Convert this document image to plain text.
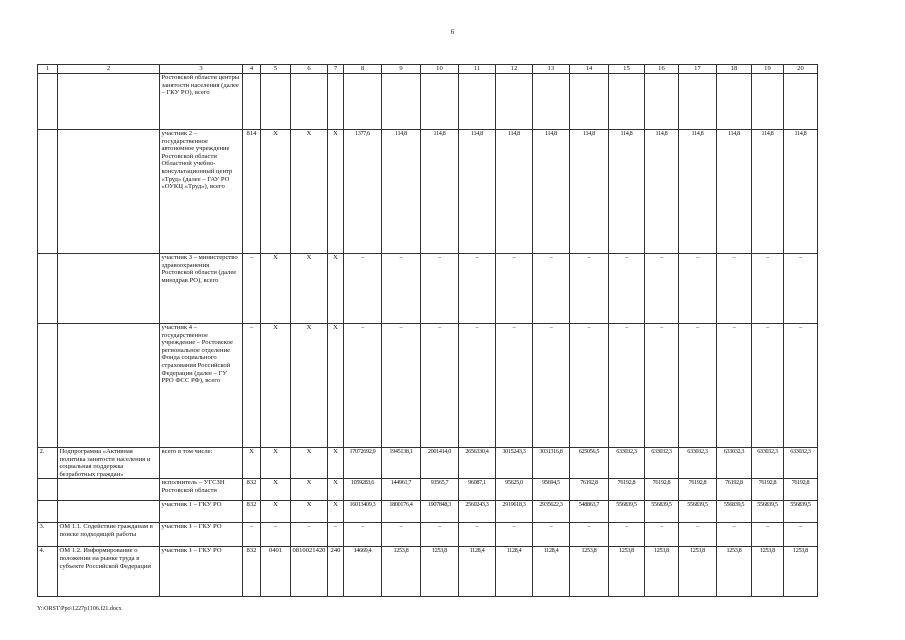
6
1	2	3	4	5	6	7	8	9	10	11	12	13	14	15	16	17	18	19	20
		Ростовской области центры занятости населения (далее – ГКУ РО), всего																	
		участник 2 – государственное автономное учреждение Ростовской области Областной учебно-консультационный центр «Труд» (далее – ГАУ РО «ОУКЦ «Труд»), всего	814	Х	Х	Х	1377,6	114,8	114,8	114,8	114,8	114,8	114,8	114,8	114,8	114,8	114,8	114,8	114,8
		участник 3 – министерство здравоохранения Ростовской области (далее минздрав РО), всего	–	Х	Х	Х	–	–	–	–	–	–	–	–	–	–	–	–	–
		участник 4 – государственное учреждение – Ростовское региональное отделение Фонда социального страхования Российской Федерации (далее – ГУ РРО ФСС РФ), всего	–	Х	Х	Х	–	–	–	–	–	–	–	–	–	–	–	–	–
2.	Подпрограмма «Активная политика занятости населения и социальная поддержка безработных граждан»	всего в том числе:	Х	Х	Х	Х	17072692,9	1945138,1	2001414,0	2656330,4	3015243,3	3031316,8	625056,5	633032,3	633032,3	633032,3	633032,3	633032,3	633032,3
		исполнитель – УГСЗН Ростовской области	832	Х	Х	Х	1059283,6	144961,7	93565,7	96087,1	95625,0	95694,5	76192,8	76192,8	76192,8	76192,8	76192,8	76192,8	76192,8
		участник 1 – ГКУ РО	832	Х	Х	Х	16013409,3	1800176,4	1907848,3	2560243,3	2919618,3	2935622,3	548863,7	556839,5	556839,5	556839,5	556839,5	556839,5	556839,5
3.	ОМ 1.1. Содействие гражданам в поиске подходящей работы	участник 1 – ГКУ РО	–	–	–	–	–	–	–	–	–	–	–	–	–	–	–	–	–
4.	ОМ 1.2. Информирование о положении на рынке труда в субъекте Российской Федерации	участник 1 – ГКУ РО	832	0401	0810021420	240	14669,4	1253,8	1253,8	1128,4	1128,4	1128,4	1253,8	1253,8	1253,8	1253,8	1253,8	1253,8	1253,8
Y:\ORST\Ppo\1227p1106.f21.docx
